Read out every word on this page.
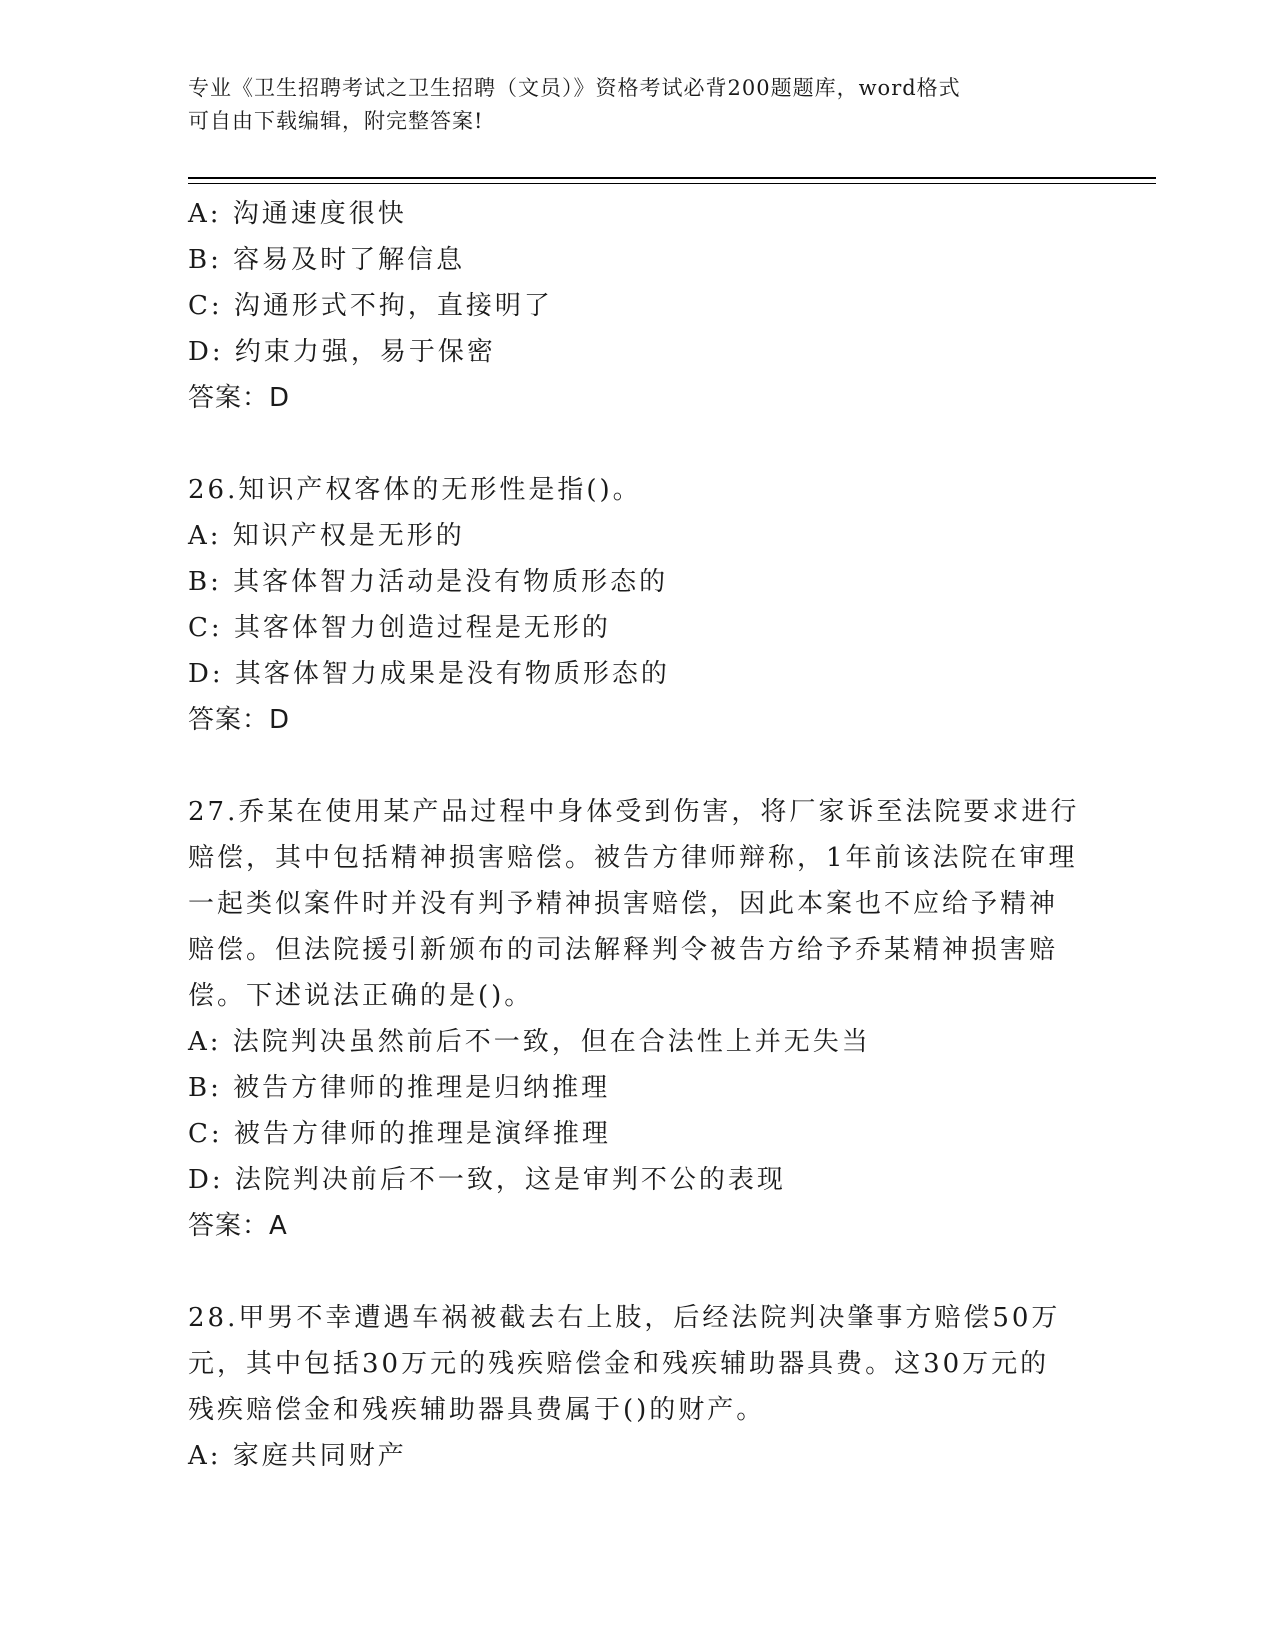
专业《卫生招聘考试之卫生招聘（文员）》资格考试必背200题题库，word格式
可自由下载编辑，附完整答案!
A: 沟通速度很快
B: 容易及时了解信息
C: 沟通形式不拘，直接明了
D: 约束力强，易于保密
答案：D
26.知识产权客体的无形性是指()。
A: 知识产权是无形的
B: 其客体智力活动是没有物质形态的
C: 其客体智力创造过程是无形的
D: 其客体智力成果是没有物质形态的
答案：D
27.乔某在使用某产品过程中身体受到伤害，将厂家诉至法院要求进行
赔偿，其中包括精神损害赔偿。被告方律师辩称，1年前该法院在审理
一起类似案件时并没有判予精神损害赔偿，因此本案也不应给予精神
赔偿。但法院援引新颁布的司法解释判令被告方给予乔某精神损害赔
偿。下述说法正确的是()。
A: 法院判决虽然前后不一致，但在合法性上并无失当
B: 被告方律师的推理是归纳推理
C: 被告方律师的推理是演绎推理
D: 法院判决前后不一致，这是审判不公的表现
答案：A
28.甲男不幸遭遇车祸被截去右上肢，后经法院判决肇事方赔偿50万
元，其中包括30万元的残疾赔偿金和残疾辅助器具费。这30万元的
残疾赔偿金和残疾辅助器具费属于()的财产。
A: 家庭共同财产
